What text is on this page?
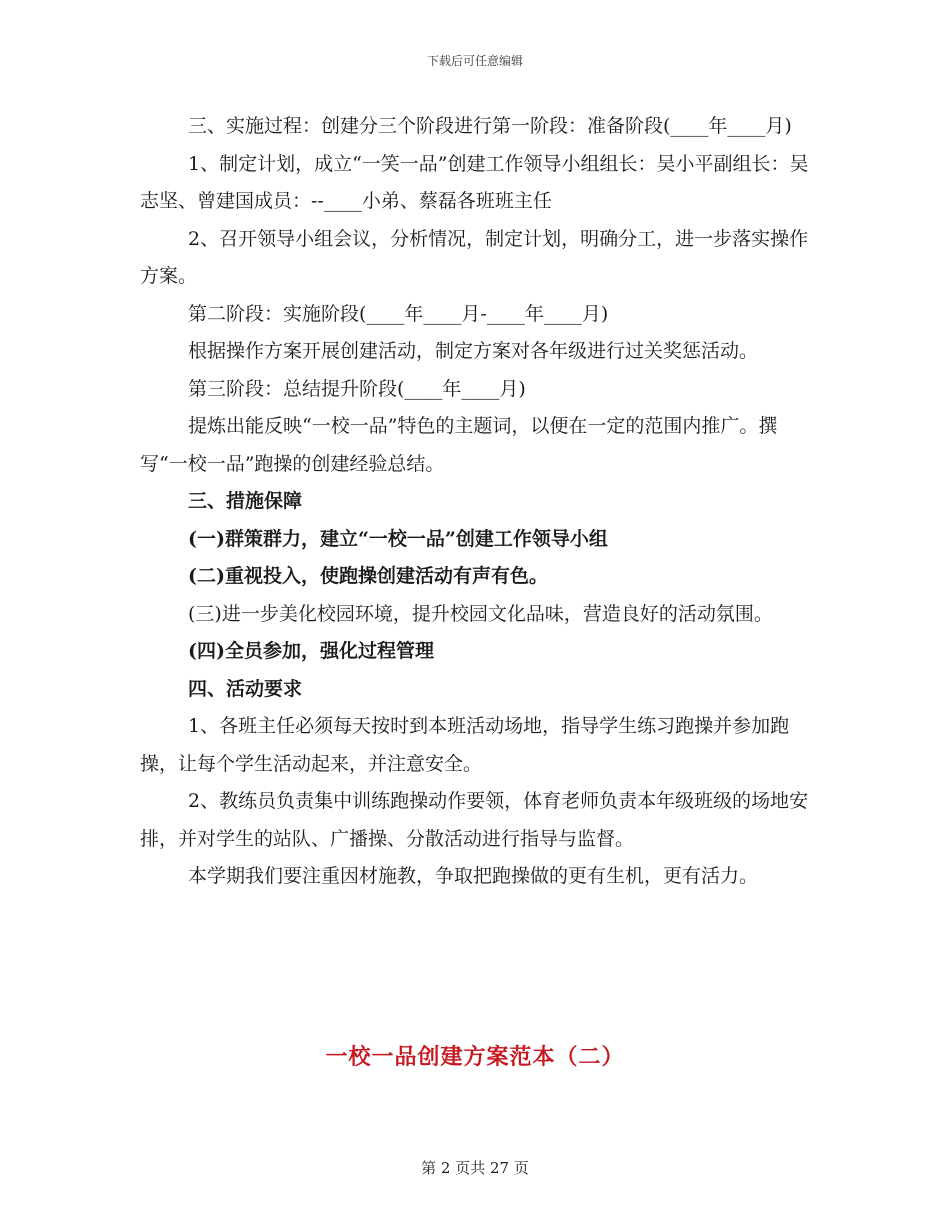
下载后可任意编辑

三、实施过程：创建分三个阶段进行第一阶段：准备阶段(____年____月)

1、制定计划，成立“一笑一品”创建工作领导小组组长：吴小平副组长：吴志坚、曾建国成员：--____小弟、蔡磊各班班主任

2、召开领导小组会议，分析情况，制定计划，明确分工，进一步落实操作方案。

第二阶段：实施阶段(____年____月-____年____月)

根据操作方案开展创建活动，制定方案对各年级进行过关奖惩活动。

第三阶段：总结提升阶段(____年____月)

提炼出能反映“一校一品”特色的主题词，以便在一定的范围内推广。撰写“一校一品”跑操的创建经验总结。

三、措施保障

(一)群策群力，建立“一校一品”创建工作领导小组

(二)重视投入，使跑操创建活动有声有色。

(三)进一步美化校园环境，提升校园文化品味，营造良好的活动氛围。

(四)全员参加，强化过程管理

四、活动要求

1、各班主任必须每天按时到本班活动场地，指导学生练习跑操并参加跑操，让每个学生活动起来，并注意安全。

2、教练员负责集中训练跑操动作要领，体育老师负责本年级班级的场地安排，并对学生的站队、广播操、分散活动进行指导与监督。

本学期我们要注重因材施教，争取把跑操做的更有生机，更有活力。

一校一品创建方案范本（二）
第 2 页共 27 页
